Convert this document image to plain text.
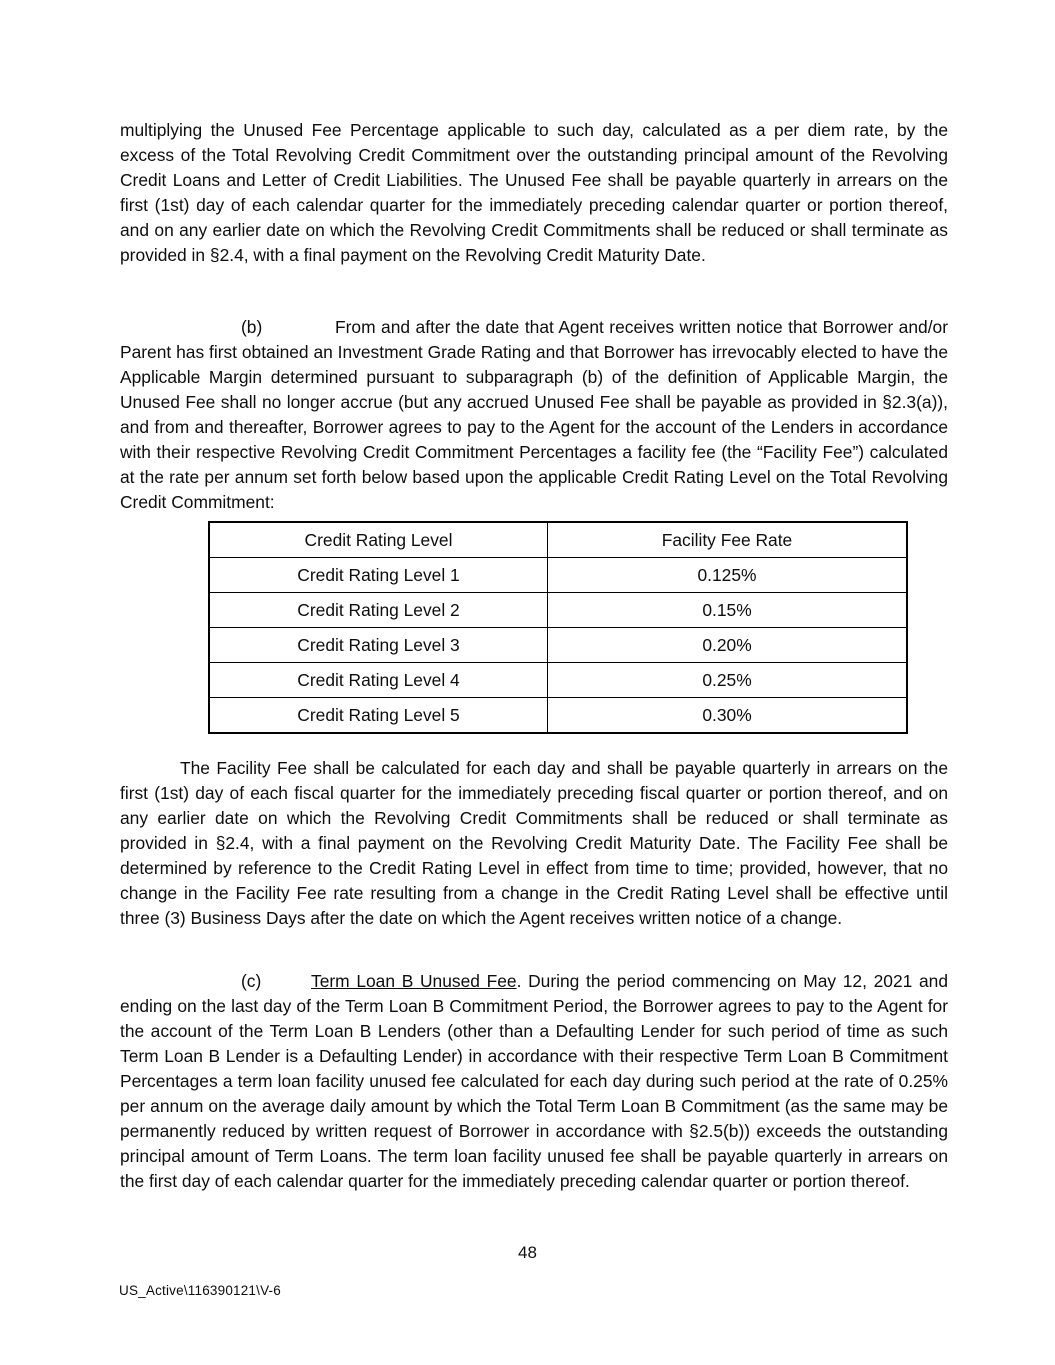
multiplying the Unused Fee Percentage applicable to such day, calculated as a per diem rate, by the excess of the Total Revolving Credit Commitment over the outstanding principal amount of the Revolving Credit Loans and Letter of Credit Liabilities. The Unused Fee shall be payable quarterly in arrears on the first (1st) day of each calendar quarter for the immediately preceding calendar quarter or portion thereof, and on any earlier date on which the Revolving Credit Commitments shall be reduced or shall terminate as provided in §2.4, with a final payment on the Revolving Credit Maturity Date.

(b)	From and after the date that Agent receives written notice that Borrower and/or Parent has first obtained an Investment Grade Rating and that Borrower has irrevocably elected to have the Applicable Margin determined pursuant to subparagraph (b) of the definition of Applicable Margin, the Unused Fee shall no longer accrue (but any accrued Unused Fee shall be payable as provided in §2.3(a)), and from and thereafter, Borrower agrees to pay to the Agent for the account of the Lenders in accordance with their respective Revolving Credit Commitment Percentages a facility fee (the “Facility Fee”) calculated at the rate per annum set forth below based upon the applicable Credit Rating Level on the Total Revolving Credit Commitment:

Credit Rating Level	Facility Fee Rate
Credit Rating Level 1	0.125%
Credit Rating Level 2	0.15%
Credit Rating Level 3	0.20%
Credit Rating Level 4	0.25%
Credit Rating Level 5	0.30%

The Facility Fee shall be calculated for each day and shall be payable quarterly in arrears on the first (1st) day of each fiscal quarter for the immediately preceding fiscal quarter or portion thereof, and on any earlier date on which the Revolving Credit Commitments shall be reduced or shall terminate as provided in §2.4, with a final payment on the Revolving Credit Maturity Date. The Facility Fee shall be determined by reference to the Credit Rating Level in effect from time to time; provided, however, that no change in the Facility Fee rate resulting from a change in the Credit Rating Level shall be effective until three (3) Business Days after the date on which the Agent receives written notice of a change.

(c)	Term Loan B Unused Fee. During the period commencing on May 12, 2021 and ending on the last day of the Term Loan B Commitment Period, the Borrower agrees to pay to the Agent for the account of the Term Loan B Lenders (other than a Defaulting Lender for such period of time as such Term Loan B Lender is a Defaulting Lender) in accordance with their respective Term Loan B Commitment Percentages a term loan facility unused fee calculated for each day during such period at the rate of 0.25% per annum on the average daily amount by which the Total Term Loan B Commitment (as the same may be permanently reduced by written request of Borrower in accordance with §2.5(b)) exceeds the outstanding principal amount of Term Loans. The term loan facility unused fee shall be payable quarterly in arrears on the first day of each calendar quarter for the immediately preceding calendar quarter or portion thereof.

48
US_Active\116390121\V-6
